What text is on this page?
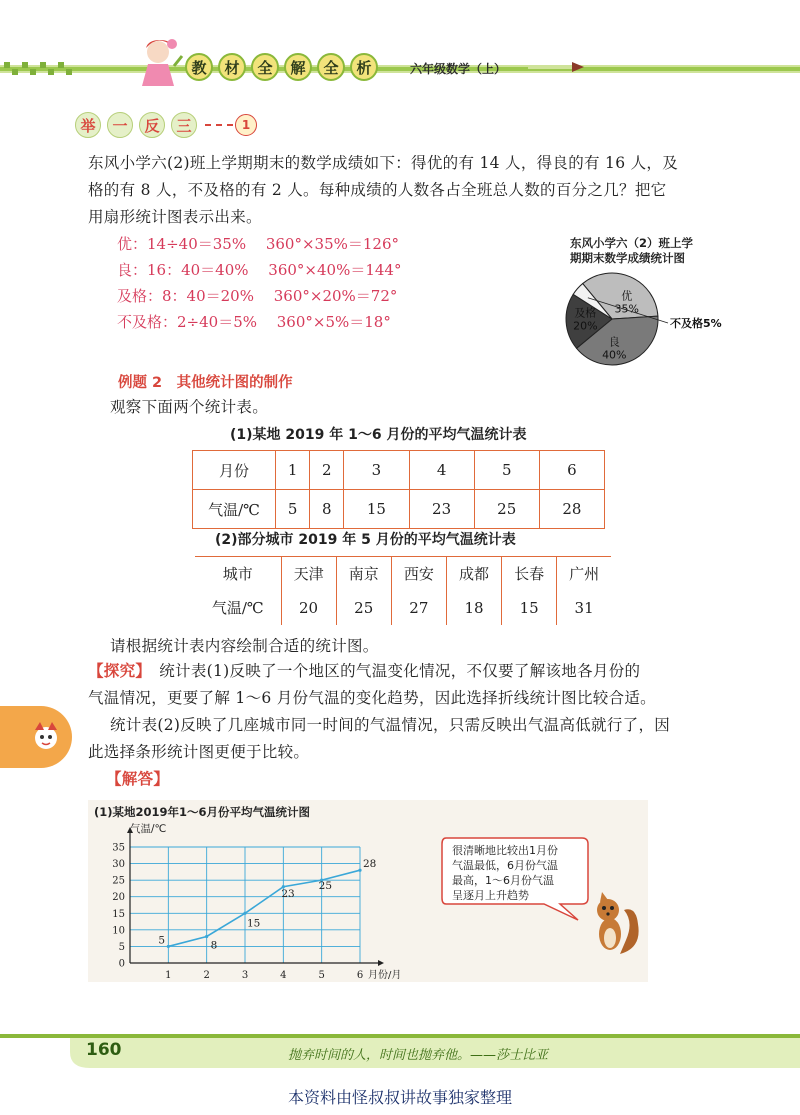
教	材	全	解	全	析	六年级数学（上）
举	一	反	三	1
东风小学六(2)班上学期期末的数学成绩如下：得优的有 14 人，得良的有 16 人，及
格的有 8 人，不及格的有 2 人。每种成绩的人数各占全班总人数的百分之几？把它
用扇形统计图表示出来。
优：14÷40＝35%　 360°×35%＝126°
良：16：40＝40%　 360°×40%＝144°
及格：8：40＝20%　 360°×20%＝72°
不及格：2÷40＝5%　 360°×5%＝18°
东风小学六（2）班上学
期期末数学成绩统计图
优
35%
良
40%
及格
20%	不及格5%
例题 2　其他统计图的制作
观察下面两个统计表。
(1)某地 2019 年 1～6 月份的平均气温统计表
月份	1	2	3	4	5	6
气温/℃	5	8	15	23	25	28
(2)部分城市 2019 年 5 月份的平均气温统计表
城市	天津	南京	西安	成都	长春	广州
气温/℃	20	25	27	18	15	31
请根据统计表内容绘制合适的统计图。
【探究】　统计表(1)反映了一个地区的气温变化情况，不仅要了解该地各月份的
气温情况，更要了解 1～6 月份气温的变化趋势，因此选择折线统计图比较合适。
统计表(2)反映了几座城市同一时间的气温情况，只需反映出气温高低就行了，因
此选择条形统计图更便于比较。
【解答】
(1)某地2019年1～6月份平均气温统计图
0
5
10
15
20
25
30
35
1	2	3	4	5	6
气温/℃
月份/月
5	8
15
23
25
28
很清晰地比较出1月份
气温最低，6月份气温
最高，1～6月份气温
呈逐月上升趋势
160	抛弃时间的人，时间也抛弃他。——莎士比亚
本资料由怪叔叔讲故事独家整理
